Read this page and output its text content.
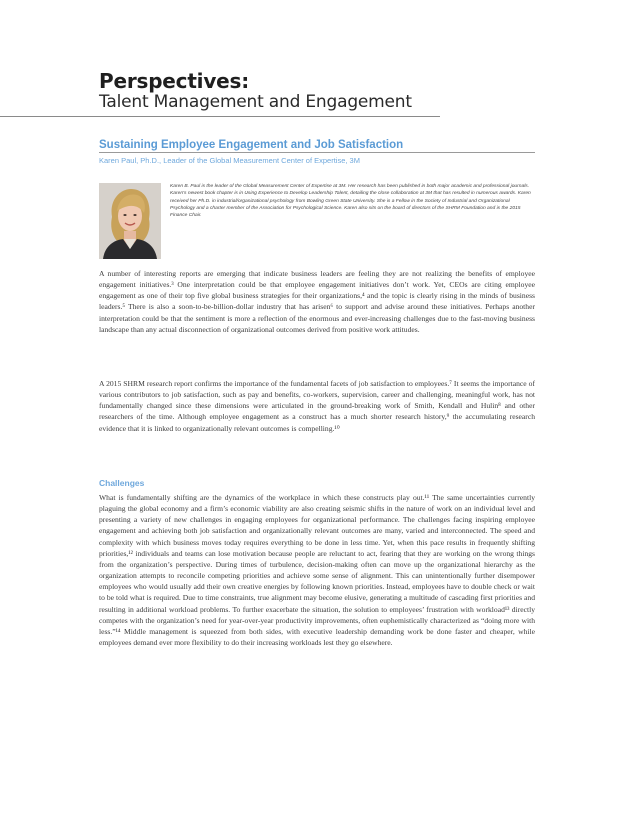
Perspectives:
Talent Management and Engagement
Sustaining Employee Engagement and Job Satisfaction
Karen Paul, Ph.D., Leader of the Global Measurement Center of Expertise, 3M
Karen B. Paul is the leader of the Global Measurement Center of Expertise at 3M. Her research has been published in both major academic and professional journals. Karen’s newest book chapter is in Using Experience to Develop Leadership Talent, detailing the close collaboration at 3M that has resulted in numerous awards. Karen received her Ph.D. in industrial/organizational psychology from Bowling Green State University. She is a Fellow in the Society of Industrial and Organizational Psychology and a charter member of the Association for Psychological Science. Karen also sits on the board of directors of the SHRM Foundation and is the 2015 Finance Chair.

A number of interesting reports are emerging that indicate business leaders are feeling they are not realizing the benefits of employee engagement initiatives.³ One interpretation could be that employee engagement initiatives don’t work. Yet, CEOs are citing employee engagement as one of their top five global business strategies for their organizations,⁴ and the topic is clearly rising in the minds of business leaders.⁵ There is also a soon-to-be-billion-dollar industry that has arisen⁶ to support and advise around these initiatives. Perhaps another interpretation could be that the sentiment is more a reflection of the enormous and ever-increasing challenges due to the fast-moving business landscape than any actual disconnection of organizational outcomes derived from positive work attitudes.

A 2015 SHRM research report confirms the importance of the fundamental facets of job satisfaction to employees.⁷ It seems the importance of various contributors to job satisfaction, such as pay and benefits, co-workers, supervision, career and challenging, meaningful work, has not fundamentally changed since these dimensions were articulated in the ground-breaking work of Smith, Kendall and Hulin⁸ and other researchers of the time. Although employee engagement as a construct has a much shorter research history,⁹ the accumulating research evidence that it is linked to organizationally relevant outcomes is compelling.¹⁰

Challenges

What is fundamentally shifting are the dynamics of the workplace in which these constructs play out.¹¹ The same uncertainties currently plaguing the global economy and a firm’s economic viability are also creating seismic shifts in the nature of work on an individual level and presenting a variety of new challenges in engaging employees for organizational performance. The challenges facing inspiring employee engagement and achieving both job satisfaction and organizationally relevant outcomes are many, varied and interconnected. The speed and complexity with which business moves today requires everything to be done in less time. Yet, when this pace results in frequently shifting priorities,¹² individuals and teams can lose motivation because people are reluctant to act, fearing that they are working on the wrong things from the organization’s perspective. During times of turbulence, decision-making often can move up the organizational hierarchy as the organization attempts to reconcile competing priorities and achieve some sense of alignment. This can unintentionally further disempower employees who would usually add their own creative energies by following known priorities. Instead, employees have to double check or wait to be told what is required. Due to time constraints, true alignment may become elusive, generating a multitude of cascading first priorities and resulting in additional workload problems. To further exacerbate the situation, the solution to employees’ frustration with workload¹³ directly competes with the organization’s need for year-over-year productivity improvements, often euphemistically characterized as “doing more with less.”¹⁴ Middle management is squeezed from both sides, with executive leadership demanding work be done faster and cheaper, while employees demand ever more flexibility to do their increasing workloads lest they go elsewhere.
